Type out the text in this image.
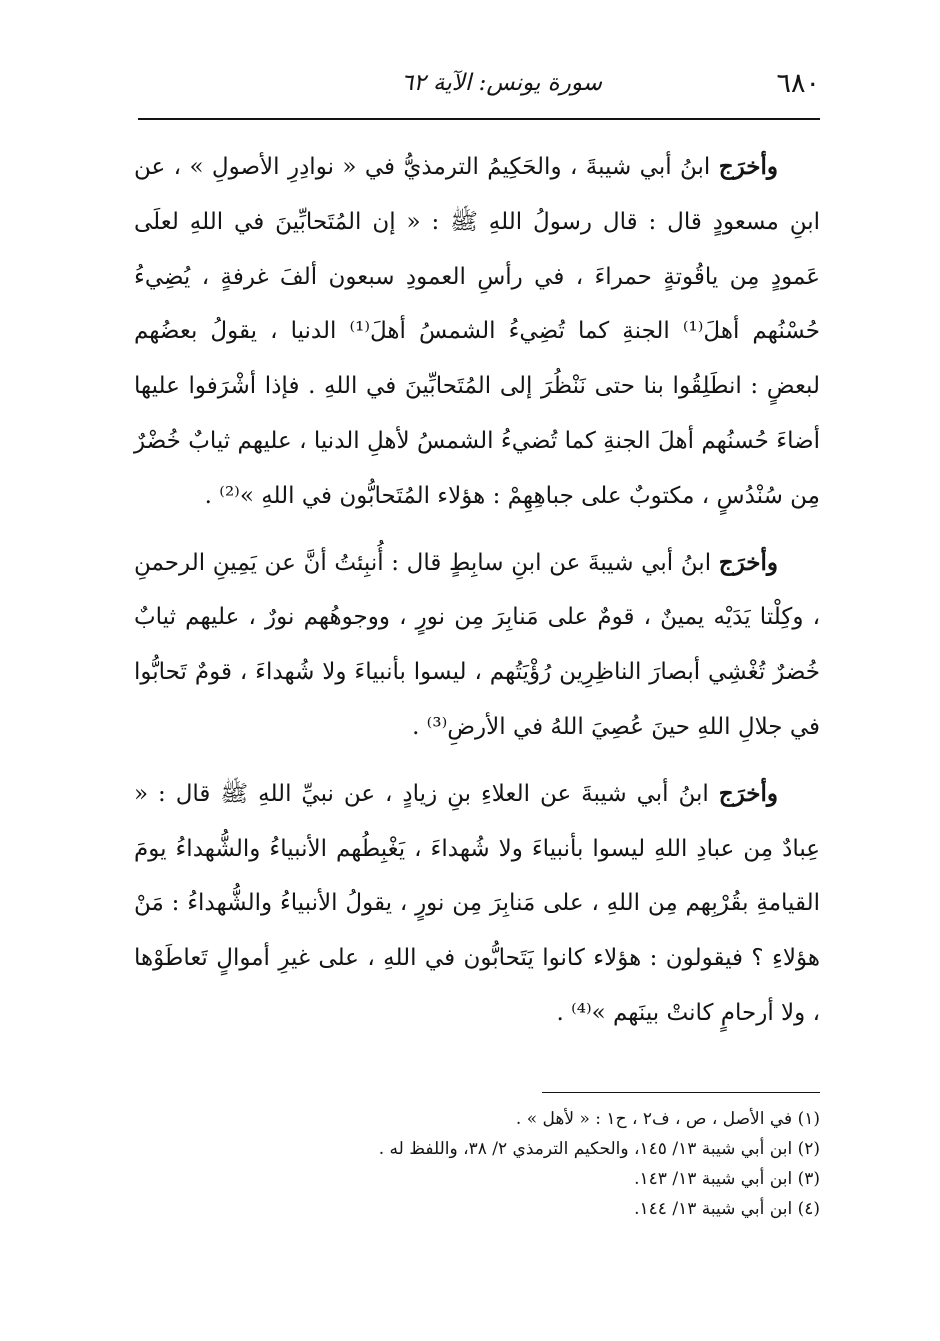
٦٨٠
سورة يونس: الآية ٦٢

وأخرَج ابنُ أبي شيبةَ ، والحَكِيمُ الترمذيُّ في « نوادِرِ الأصولِ » ، عن ابنِ مسعودٍ قال : قال رسولُ اللهِ ﷺ : « إن المُتَحابِّينَ في اللهِ لعلَى عَمودٍ مِن ياقُوتةٍ حمراءَ ، في رأسِ العمودِ سبعون ألفَ غرفةٍ ، يُضِيءُ حُسْنُهم أهلَ⁽¹⁾ الجنةِ كما تُضِيءُ الشمسُ أهلَ⁽¹⁾ الدنيا ، يقولُ بعضُهم لبعضٍ : انطَلِقُوا بنا حتى نَنْظُرَ إلى المُتَحابِّينَ في اللهِ . فإذا أشْرَفوا عليها أضاءَ حُسنُهم أهلَ الجنةِ كما تُضيءُ الشمسُ لأهلِ الدنيا ، عليهم ثيابٌ خُضْرٌ مِن سُنْدُسٍ ، مكتوبٌ على جباهِهِمْ : هؤلاء المُتَحابُّون في اللهِ »⁽²⁾ .

وأخرَج ابنُ أبي شيبةَ عن ابنِ سابِطٍ قال : أُنبِئتُ أنَّ عن يَمِينِ الرحمنِ ، وكِلْتا يَدَيْه يمينٌ ، قومٌ على مَنابِرَ مِن نورٍ ، ووجوهُهم نورٌ ، عليهم ثيابٌ خُضرٌ تُغْشِي أبصارَ الناظِرِين رُؤْيَتُهم ، ليسوا بأنبياءَ ولا شُهداءَ ، قومٌ تَحابُّوا في جلالِ اللهِ حينَ عُصِيَ اللهُ في الأرضِ⁽³⁾ .

وأخرَج ابنُ أبي شيبةَ عن العلاءِ بنِ زيادٍ ، عن نبيِّ اللهِ ﷺ قال : « عِبادٌ مِن عبادِ اللهِ ليسوا بأنبياءَ ولا شُهداءَ ، يَغْبِطُهم الأنبياءُ والشُّهداءُ يومَ القيامةِ بقُرْبِهم مِن اللهِ ، على مَنابِرَ مِن نورٍ ، يقولُ الأنبياءُ والشُّهداءُ : مَنْ هؤلاءِ ؟ فيقولون : هؤلاء كانوا يَتَحابُّون في اللهِ ، على غيرِ أموالٍ تَعاطَوْها ، ولا أرحامٍ كانتْ بينَهم »⁽⁴⁾ .

(١) في الأصل ، ص ، ف٢ ، ح١ : « لأهل » .

(٢) ابن أبي شيبة ١٣/ ١٤٥، والحكيم الترمذي ٢/ ٣٨، واللفظ له .

(٣) ابن أبي شيبة ١٣/ ١٤٣.

(٤) ابن أبي شيبة ١٣/ ١٤٤.
